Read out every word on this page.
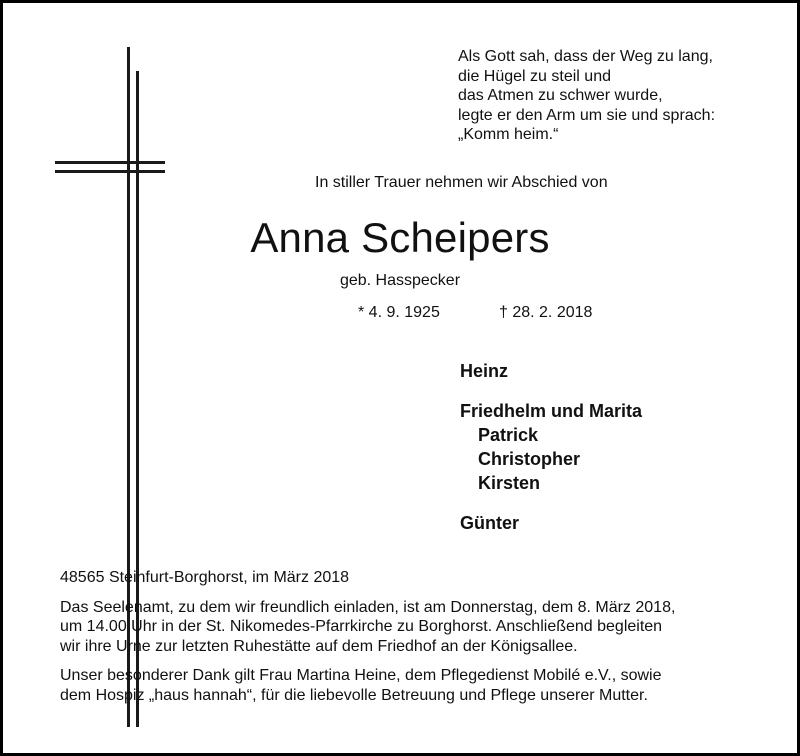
Als Gott sah, dass der Weg zu lang,
die Hügel zu steil und
das Atmen zu schwer wurde,
legte er den Arm um sie und sprach:
„Komm heim.“
In stiller Trauer nehmen wir Abschied von
Anna Scheipers
geb. Hasspecker
* 4. 9. 1925	† 28. 2. 2018
Heinz
Friedhelm und Marita
Patrick
Christopher
Kirsten
Günter

48565 Steinfurt-Borghorst, im März 2018

Das Seelenamt, zu dem wir freundlich einladen, ist am Donnerstag, dem 8. März 2018,
um 14.00 Uhr in der St. Nikomedes-Pfarrkirche zu Borghorst. Anschließend begleiten
wir ihre Urne zur letzten Ruhestätte auf dem Friedhof an der Königsallee.

Unser besonderer Dank gilt Frau Martina Heine, dem Pflegedienst Mobilé e.V., sowie
dem Hospiz „haus hannah“, für die liebevolle Betreuung und Pflege unserer Mutter.
